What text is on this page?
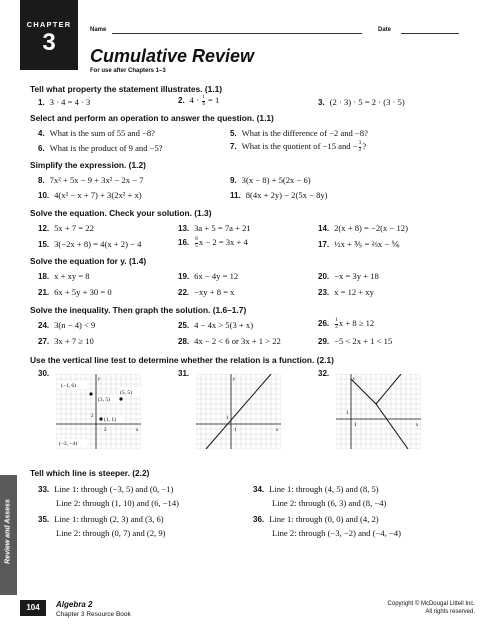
CHAPTER
3	Name	Date
Cumulative Review
For use after Chapters 1–3
Tell what property the statement illustrates. (1.1)
1. 3 · 4 = 4 · 3	2. $4 \cdot \frac{1}{4} = 1$	3. (2 · 3) · 5 = 2 · (3 · 5)
Select and perform an operation to answer the question. (1.1)
4. What is the sum of 55 and −8?	5. What is the difference of −2 and −8?
6. What is the product of 9 and −5?	7. What is the quotient of −15 and − $\frac{3}{2}$ ?
Simplify the expression. (1.2)
8. 7x² + 5x − 9 + 3x² − 2x − 7	9. 3(x − 8) + 5(2x − 6)
10. 4(x² − x + 7) + 3(2x² + x)	11. 8(4x + 2y) − 2(5x − 8y)
Solve the equation. Check your solution. (1.3)
12. 5x + 7 = 22	13. 3a + 5 = 7a + 21	14. 2(x + 8) = −2(x − 12)
15. 3(−2x + 8) = 4(x + 2) − 4	16. $\frac{8}{5}$ x − 2 = 3x + 4	17. ½x + ⅗ = ⅔x − ⅚
Solve the equation for y. (1.4)
18. x + xy = 8	19. 6x − 4y = 12	20. −x = 3y + 18
21. 6x + 5y + 30 = 0	22. −xy + 8 = x	23. x = 12 + xy
Solve the inequality. Then graph the solution. (1.6–1.7)
24. 3(n − 4) < 9	25. 4 − 4x > 5(3 + x)	26. $\frac{1}{2}$ x + 8 ≥ 12
27. 3x + 7 ≥ 10	28. 4x − 2 < 6 or 3x + 1 > 22	29. −5 < 2x + 1 < 15
Use the vertical line test to determine whether the relation is a function. (2.1)
30.
x
y
2
2
(−1, 6)
(5, 5)
(3, 5)
(1, 1)
(−3, −4)
31.
x
y
1
1
32.
x
y
1
1
Tell which line is steeper. (2.2)
33. Line 1: through (−3, 5) and (0, −1)
Line 2: through (1, 10) and (6, −14)
34. Line 1: through (4, 5) and (8, 5)
Line 2: through (6, 3) and (8, −4)
35. Line 1: through (2, 3) and (3, 6)
Line 2: through (0, 7) and (2, 9)
36. Line 1: through (0, 0) and (4, 2)
Line 2: through (−3, −2) and (−4, −4)
Review and Assess
104	Algebra 2
Chapter 3 Resource Book
Copyright © McDougal Littell Inc.
All rights reserved.
